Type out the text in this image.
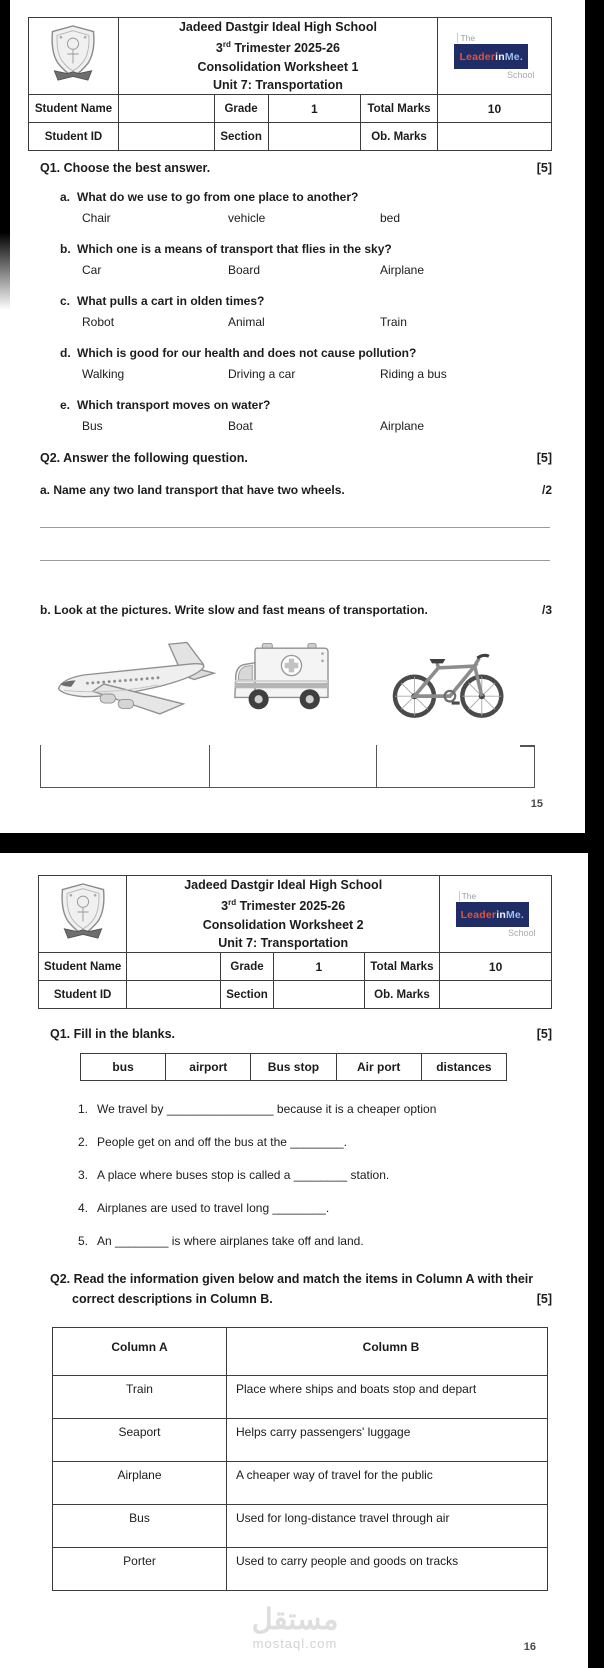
Jadeed Dastgir Ideal High School
3rd Trimester 2025-26
Consolidation Worksheet 1
Unit 7: Transportation

The
LeaderinMe.
School

Student Name		Grade	1	Total Marks	10
Student ID		Section		Ob. Marks	
Q1. Choose the best answer.	[5]
a. What do we use to go from one place to another?
Chair	vehicle	bed
b. Which one is a means of transport that flies in the sky?
Car	Board	Airplane
c. What pulls a cart in olden times?
Robot	Animal	Train
d. Which is good for our health and does not cause pollution?
Walking	Driving a car	Riding a bus
e. Which transport moves on water?
Bus	Boat	Airplane
Q2. Answer the following question.	[5]
a. Name any two land transport that have two wheels.	/2
b. Look at the pictures. Write slow and fast means of transportation.	/3
15

Jadeed Dastgir Ideal High School
3rd Trimester 2025-26
Consolidation Worksheet 2
Unit 7: Transportation

The
LeaderinMe.
School

Student Name		Grade	1	Total Marks	10
Student ID		Section		Ob. Marks	
Q1. Fill in the blanks.	[5]
bus	airport	Bus stop	Air port	distances
1. We travel by ________________ because it is a cheaper option
2. People get on and off the bus at the ________.
3. A place where buses stop is called a ________ station.
4. Airplanes are used to travel long ________.
5. An ________ is where airplanes take off and land.
Q2. Read the information given below and match the items in Column A with their
correct descriptions in Column B.	[5]
Column A	Column B
Train	Place where ships and boats stop and depart
Seaport	Helps carry passengers' luggage
Airplane	A cheaper way of travel for the public
Bus	Used for long-distance travel through air
Porter	Used to carry people and goods on tracks
مستقل
mostaql.com	16
